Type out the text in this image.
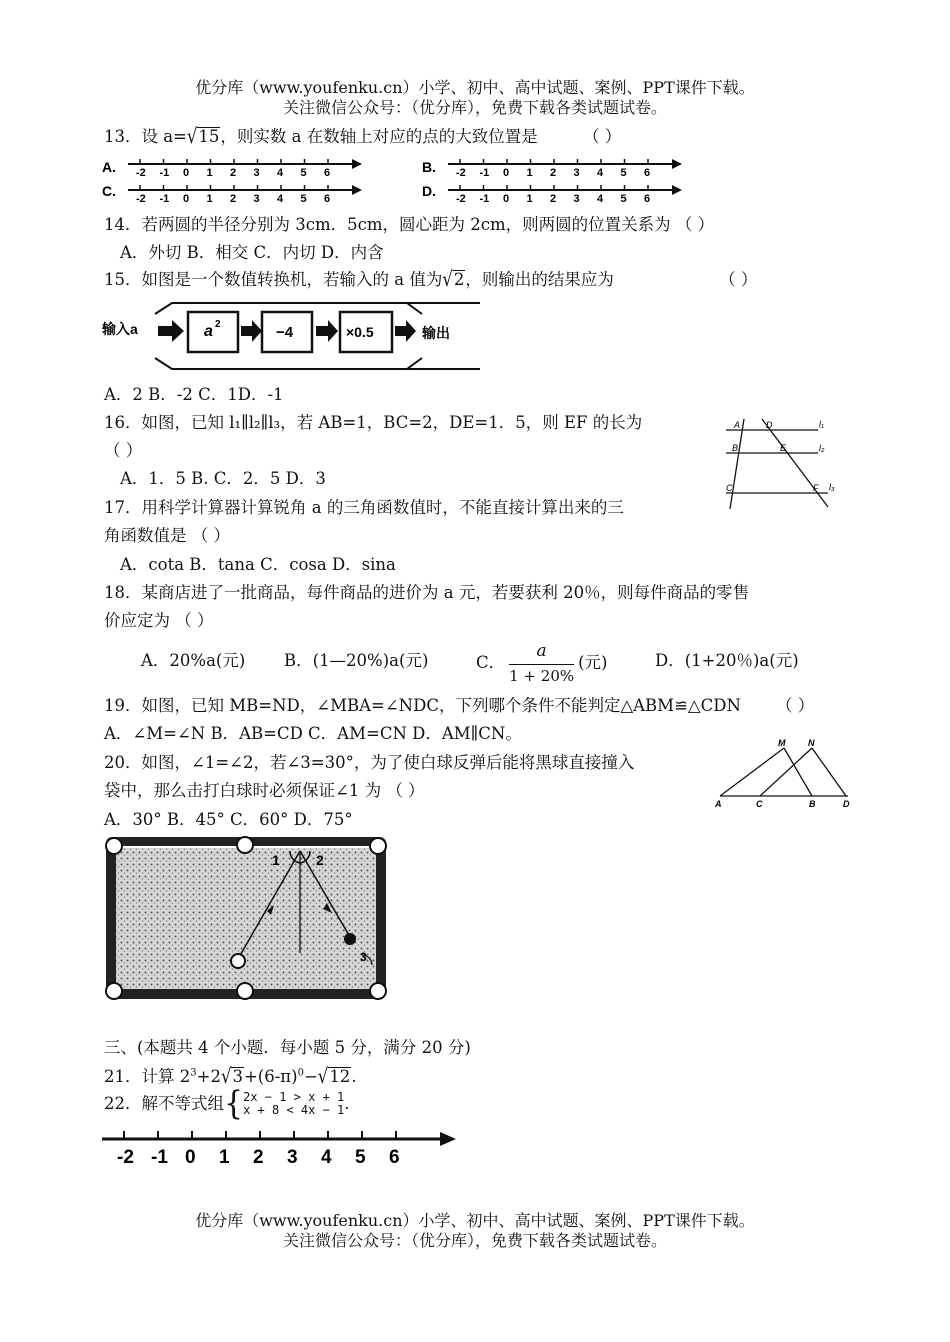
优分库（www.youfenku.cn）小学、初中、高中试题、案例、PPT课件下载。
关注微信公众号：（优分库），免费下载各类试题试卷。
13．设 a=√15，则实数 a 在数轴上对应的点的大致位置是	（ ）
A. -2 -1 0 1 2 3 4 5 6	B. -2 -1 0 1 2 3 4 5 6
C. -2 -1 0 1 2 3 4 5 6	D. -2 -1 0 1 2 3 4 5 6
14．若两圆的半径分别为 3cm．5cm，圆心距为 2cm，则两圆的位置关系为 （ ）
A．外切 B．相交 C．内切 D．内含
15．如图是一个数值转换机，若输入的 a 值为√2，则输出的结果应为	（ ）
输入a	a 2	−4	×0.5	输出
A．2 B．-2 C．1D．-1
16．如图，已知 l₁∥l₂∥l₃，若 AB=1，BC=2，DE=1．5，则 EF 的长为
（ ）
A．1．5 B. C．2．5 D．3
A	D
B	E
C	F
l₁
l₂
l₃
17．用科学计算器计算锐角 a 的三角函数值时，不能直接计算出来的三
角函数值是 （ ）
A．cota B．tana C．cosa D．sina
18．某商店进了一批商品，每件商品的进价为 a 元，若要获利 20％，则每件商品的零售
价应定为 （ ）
A．20%a(元) B．(1—20%)a(元)	C． $\frac{a}{1 + 20\%}$ (元)	D．(1+20％)a(元)
19．如图，已知 MB=ND，∠MBA=∠NDC，下列哪个条件不能判定△ABM≌△CDN （ ）
A．∠M=∠N B．AB=CD C．AM=CN D．AM∥CN。	M	N
A	C	B	D
20．如图，∠1=∠2，若∠3=30°，为了使白球反弹后能将黑球直接撞入
袋中，那么击打白球时必须保证∠1 为 （ ）
A．30° B．45° C．60° D．75°
1	2
3
三、(本题共 4 个小题．每小题 5 分，满分 20 分)
21．计算 $2^3+2√3+(6-\pi)^0-√12$.
22．解不等式组{ 2x − 1 > x + 1
x + 8 < 4x − 1 .
-2 -1 0 1 2 3 4 5 6
优分库（www.youfenku.cn）小学、初中、高中试题、案例、PPT课件下载。
关注微信公众号：（优分库），免费下载各类试题试卷。
